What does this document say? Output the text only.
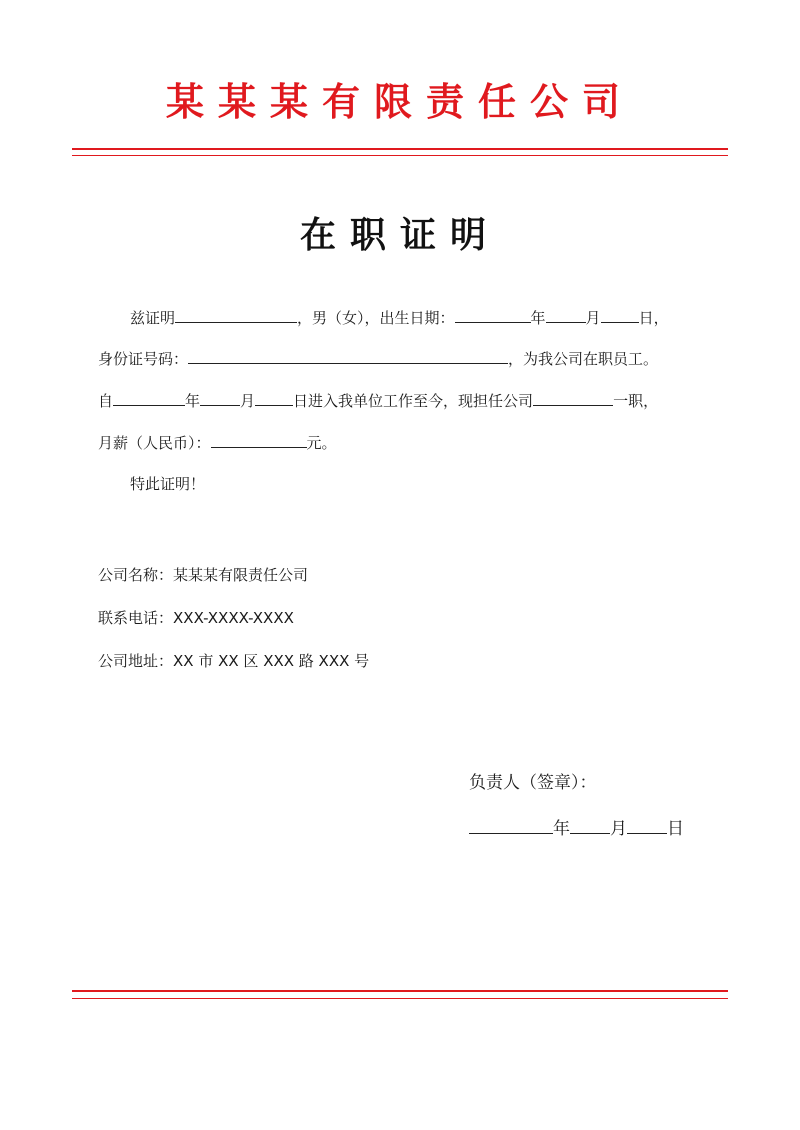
某某某有限责任公司
在职证明
兹证明	，男（女），出生日期：	年	月	日，
身份证号码：	，为我公司在职员工。
自	年	月	日进入我单位工作至今，现担任公司	一职，
月薪（人民币）：	元。
特此证明！
公司名称：某某某有限责任公司
联系电话：XXX-XXXX-XXXX
公司地址：XX 市 XX 区 XXX 路 XXX 号
负责人（签章）：
年 月 日
